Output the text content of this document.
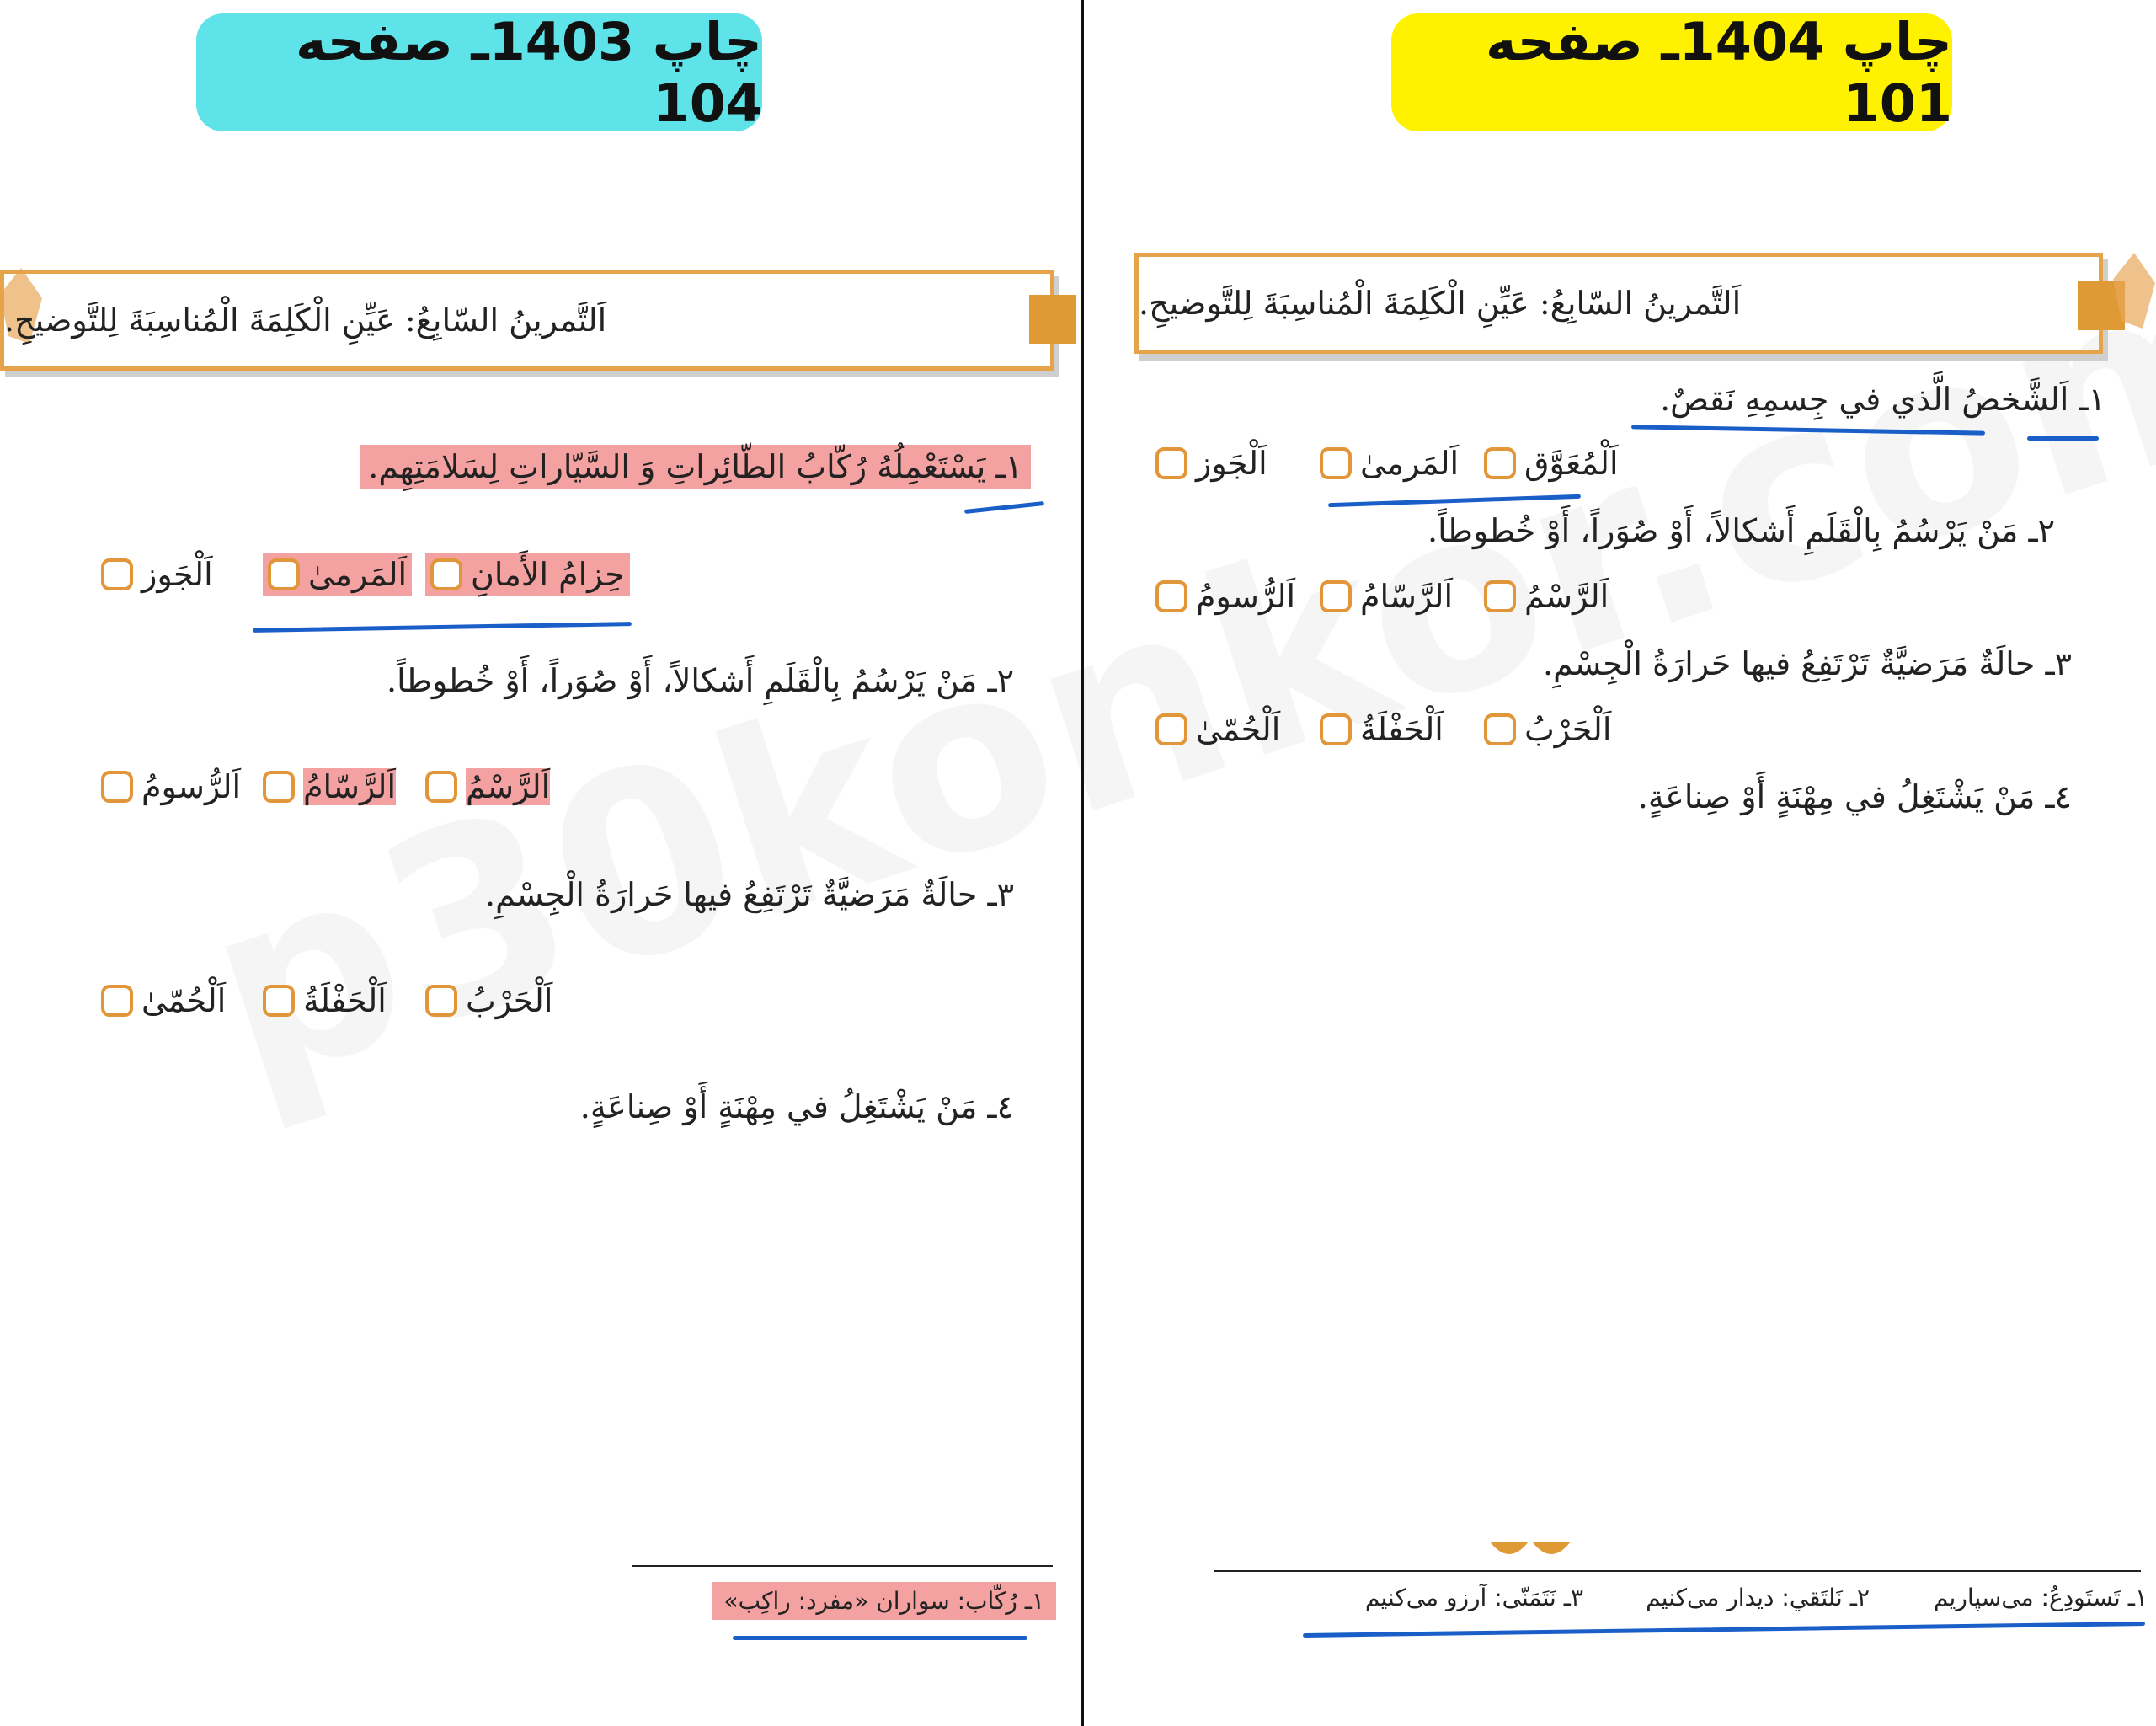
چاپ 1403ـ صفحه 104
اَلتَّمرينُ السّابِعُ: عَيِّنِ الْكَلِمَةَ الْمُناسِبَةَ لِلتَّوضيحِ.
١ـ يَسْتَعْمِلُهُ رُكّابُ الطّائِراتِ وَ السَّيّاراتِ لِسَلامَتِهِم.
حِزامُ الأَمانِ
اَلمَرمىٰ
اَلْجَوز
٢ـ مَنْ يَرْسُمُ بِالْقَلَمِ أَشكالاً، أَوْ صُوَراً، أَوْ خُطوطاً.
اَلرَّسْمُ
اَلرَّسّامُ
اَلرُّسومُ
٣ـ حالَةٌ مَرَضيَّةٌ تَرْتَفِعُ فيها حَرارَةُ الْجِسْمِ.
اَلْحَرْبُ
اَلْحَفْلَةُ
اَلْحُمّىٰ
٤ـ مَنْ يَشْتَغِلُ في مِهْنَةٍ أَوْ صِناعَةٍ.
١ـ رُكّاب: سواران «مفرد: راكِب»
چاپ 1404ـ صفحه 101
اَلتَّمرينُ السّابِعُ: عَيِّنِ الْكَلِمَةَ الْمُناسِبَةَ لِلتَّوضيحِ.
١ـ اَلشَّخصُ الَّذي في جِسمِهِ نَقصٌ.
اَلْمُعَوَّق
اَلمَرمىٰ
اَلْجَوز
٢ـ مَنْ يَرْسُمُ بِالْقَلَمِ أَشكالاً، أَوْ صُوَراً، أَوْ خُطوطاً.
اَلرَّسْمُ
اَلرَّسّامُ
اَلرُّسومُ
٣ـ حالَةٌ مَرَضيَّةٌ تَرْتَفِعُ فيها حَرارَةُ الْجِسْمِ.
اَلْحَرْبُ
اَلْحَفْلَةُ
اَلْحُمّىٰ
٤ـ مَنْ يَشْتَغِلُ في مِهْنَةٍ أَوْ صِناعَةٍ.
١ـ تَستَودِعُ: می‌سپاریم
٢ـ نَلتَقي: دیدار می‌کنیم
٣ـ نَتَمَنّى: آرزو می‌کنیم
